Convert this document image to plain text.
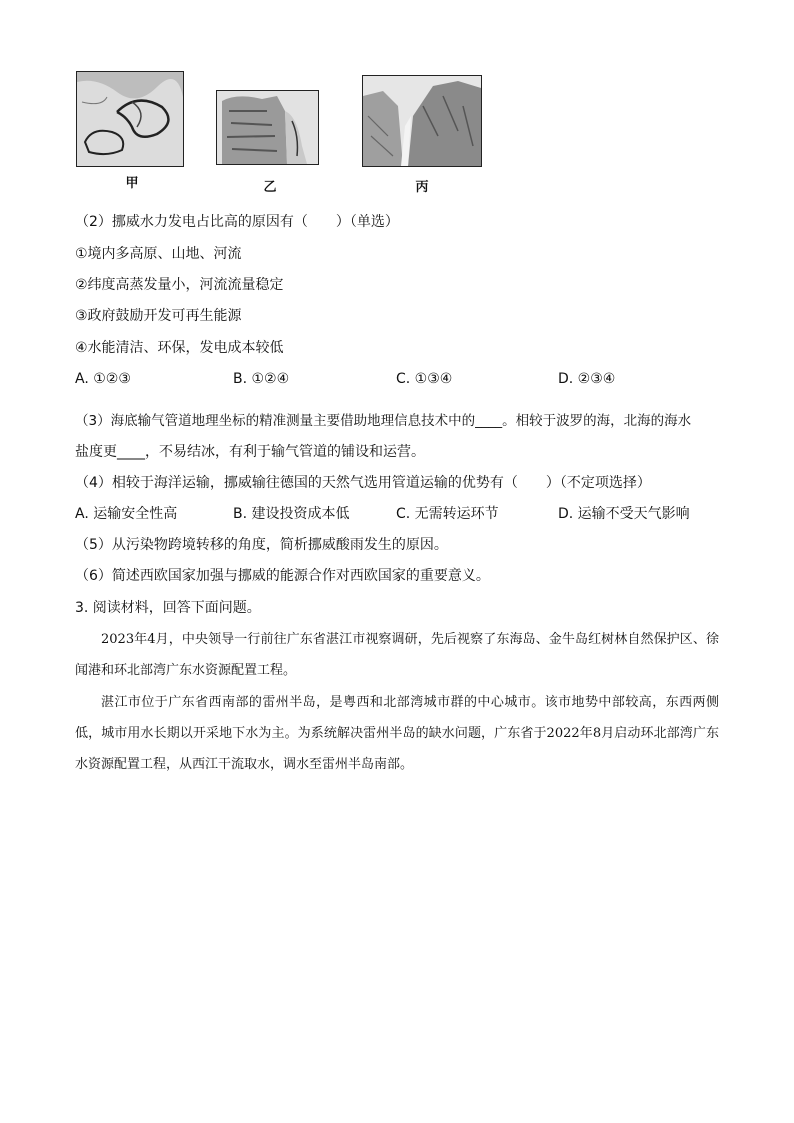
甲	乙	丙
（2）挪威水力发电占比高的原因有（　　）（单选）
①境内多高原、山地、河流
②纬度高蒸发量小，河流流量稳定
③政府鼓励开发可再生能源
④水能清洁、环保，发电成本较低
A. ①②③	B. ①②④	C. ①③④	D. ②③④
（3）海底输气管道地理坐标的精准测量主要借助地理信息技术中的____。相较于波罗的海，北海的海水
盐度更____，不易结冰，有利于输气管道的铺设和运营。
（4）相较于海洋运输，挪威输往德国的天然气选用管道运输的优势有（　　）（不定项选择）
A. 运输安全性高	B. 建设投资成本低	C. 无需转运环节	D. 运输不受天气影响
（5）从污染物跨境转移的角度，简析挪威酸雨发生的原因。
（6）简述西欧国家加强与挪威的能源合作对西欧国家的重要意义。
3. 阅读材料，回答下面问题。
2023年4月，中央领导一行前往广东省湛江市视察调研，先后视察了东海岛、金牛岛红树林自然保护区、徐闻港和环北部湾广东水资源配置工程。
湛江市位于广东省西南部的雷州半岛，是粤西和北部湾城市群的中心城市。该市地势中部较高，东西两侧低，城市用水长期以开采地下水为主。为系统解决雷州半岛的缺水问题，广东省于2022年8月启动环北部湾广东水资源配置工程，从西江干流取水，调水至雷州半岛南部。
